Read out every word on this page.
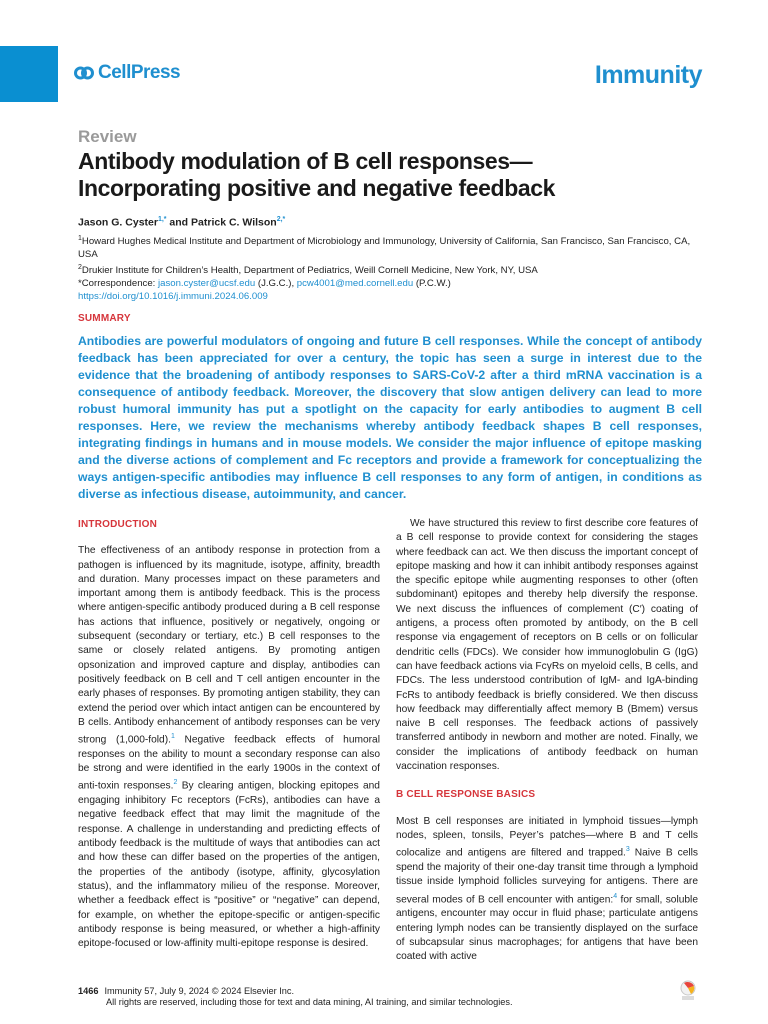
CellPress	Immunity
Review
Antibody modulation of B cell responses—
Incorporating positive and negative feedback
Jason G. Cyster$^{1,*}$ and Patrick C. Wilson$^{2,*}$
$^1$Howard Hughes Medical Institute and Department of Microbiology and Immunology, University of California, San Francisco, San Francisco, CA, USA
$^2$Drukier Institute for Children’s Health, Department of Pediatrics, Weill Cornell Medicine, New York, NY, USA
*Correspondence: jason.cyster@ucsf.edu (J.G.C.), pcw4001@med.cornell.edu (P.C.W.)
https://doi.org/10.1016/j.immuni.2024.06.009
SUMMARY

Antibodies are powerful modulators of ongoing and future B cell responses. While the concept of antibody feedback has been appreciated for over a century, the topic has seen a surge in interest due to the evidence that the broadening of antibody responses to SARS-CoV-2 after a third mRNA vaccination is a consequence of antibody feedback. Moreover, the discovery that slow antigen delivery can lead to more robust humoral immunity has put a spotlight on the capacity for early antibodies to augment B cell responses. Here, we review the mechanisms whereby antibody feedback shapes B cell responses, integrating findings in humans and in mouse models. We consider the major influence of epitope masking and the diverse actions of complement and Fc receptors and provide a framework for conceptualizing the ways antigen-specific antibodies may influence B cell responses to any form of antigen, in conditions as diverse as infectious disease, autoimmunity, and cancer.

INTRODUCTION

The effectiveness of an antibody response in protection from a pathogen is influenced by its magnitude, isotype, affinity, breadth and duration. Many processes impact on these parameters and important among them is antibody feedback. This is the process where antigen-specific antibody produced during a B cell response has actions that influence, positively or negatively, ongoing or subsequent (secondary or tertiary, etc.) B cell responses to the same or closely related antigens. By promoting antigen opsonization and improved capture and display, antibodies can positively feedback on B cell and T cell antigen encounter in the early phases of responses. By promoting antigen stability, they can extend the period over which intact antigen can be encountered by B cells. Antibody enhancement of antibody responses can be very strong (1,000-fold).$^1$ Negative feedback effects of humoral responses on the ability to mount a secondary response can also be strong and were identified in the early 1900s in the context of anti-toxin responses.$^2$ By clearing antigen, blocking epitopes and engaging inhibitory Fc receptors (FcRs), antibodies can have a negative feedback effect that may limit the magnitude of the response. A challenge in understanding and predicting effects of antibody feedback is the multitude of ways that antibodies can act and how these can differ based on the properties of the antigen, the properties of the antibody (isotype, affinity, glycosylation status), and the inflammatory milieu of the response. Moreover, whether a feedback effect is “positive” or “negative” can depend, for example, on whether the epitope-specific or antigen-specific antibody response is being measured, or whether a high-affinity epitope-focused or low-affinity multi-epitope response is desired.

We have structured this review to first describe core features of a B cell response to provide context for considering the stages where feedback can act. We then discuss the important concept of epitope masking and how it can inhibit antibody responses against the specific epitope while augmenting responses to other (often subdominant) epitopes and thereby help diversify the response. We next discuss the influences of complement (C′) coating of antigens, a process often promoted by antibody, on the B cell response via engagement of receptors on B cells or on follicular dendritic cells (FDCs). We consider how immunoglobulin G (IgG) can have feedback actions via FcγRs on myeloid cells, B cells, and FDCs. The less understood contribution of IgM- and IgA-binding FcRs to antibody feedback is briefly considered. We then discuss how feedback may differentially affect memory B (Bmem) versus naive B cell responses. The feedback actions of passively transferred antibody in newborn and mother are noted. Finally, we consider the implications of antibody feedback on human vaccination responses.

B CELL RESPONSE BASICS

Most B cell responses are initiated in lymphoid tissues—lymph nodes, spleen, tonsils, Peyer’s patches—where B and T cells colocalize and antigens are filtered and trapped.$^3$ Naive B cells spend the majority of their one-day transit time through a lymphoid tissue inside lymphoid follicles surveying for antigens. There are several modes of B cell encounter with antigen:$^4$ for small, soluble antigens, encounter may occur in fluid phase; particulate antigens entering lymph nodes can be transiently displayed on the surface of subcapsular sinus macrophages; for antigens that have been coated with active

1466 Immunity 57, July 9, 2024 © 2024 Elsevier Inc.
All rights are reserved, including those for text and data mining, AI training, and similar technologies.
